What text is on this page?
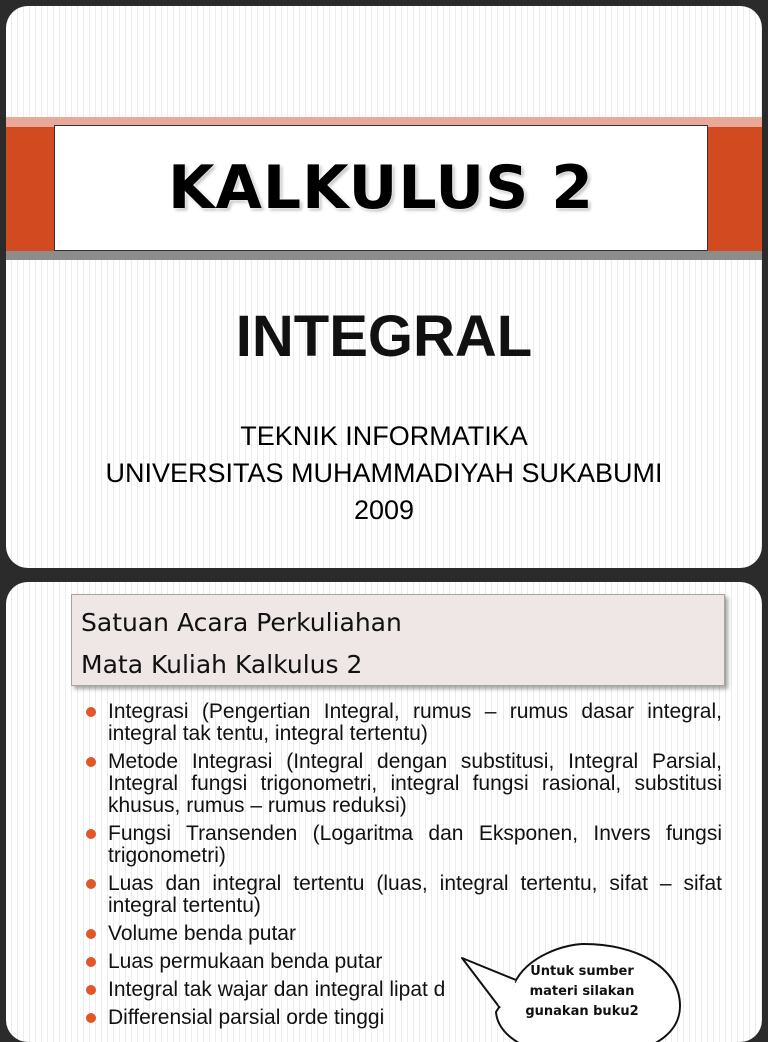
KALKULUS 2
INTEGRAL
TEKNIK INFORMATIKA
UNIVERSITAS MUHAMMADIYAH SUKABUMI
2009
Satuan Acara Perkuliahan
Mata Kuliah Kalkulus 2
Integrasi (Pengertian Integral, rumus – rumus dasar integral, integral tak tentu, integral tertentu)
Metode Integrasi (Integral dengan substitusi, Integral Parsial, Integral fungsi trigonometri, integral fungsi rasional, substitusi khusus, rumus – rumus reduksi)
Fungsi Transenden (Logaritma dan Eksponen, Invers fungsi trigonometri)
Luas dan integral tertentu (luas, integral tertentu, sifat – sifat integral tertentu)
Volume benda putar
Luas permukaan benda putar
Integral tak wajar dan integral lipat d
Differensial parsial orde tinggi
Untuk sumber
materi silakan
gunakan buku2
